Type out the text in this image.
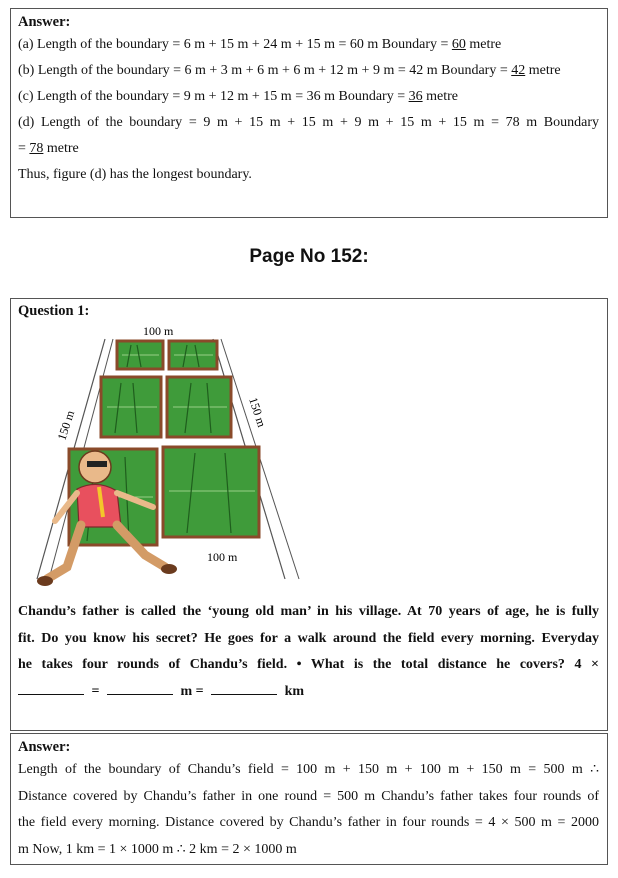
Answer:
(a) Length of the boundary = 6 m + 15 m + 24 m + 15 m = 60 m Boundary = 60 metre
(b) Length of the boundary = 6 m + 3 m + 6 m + 6 m + 12 m + 9 m = 42 m Boundary = 42 metre
(c) Length of the boundary = 9 m + 12 m + 15 m = 36 m Boundary = 36 metre
(d) Length of the boundary = 9 m + 15 m + 15 m + 9 m + 15 m + 15 m = 78 m Boundary
= 78 metre
Thus, figure (d) has the longest boundary.
Page No 152:
Question 1:
100 m
150 m	150 m
100 m
Chandu’s father is called the ‘young old man’ in his village. At 70 years of age, he is fully
fit. Do you know his secret? He goes for a walk around the field every morning. Everyday
he takes four rounds of Chandu’s field. • What is the total distance he covers? 4 ×
=	m =	km
Answer:
Length of the boundary of Chandu’s field = 100 m + 150 m + 100 m + 150 m = 500 m ∴
Distance covered by Chandu’s father in one round = 500 m Chandu’s father takes four rounds of
the field every morning. Distance covered by Chandu’s father in four rounds = 4 × 500 m = 2000
m Now, 1 km = 1 × 1000 m ∴ 2 km = 2 × 1000 m
